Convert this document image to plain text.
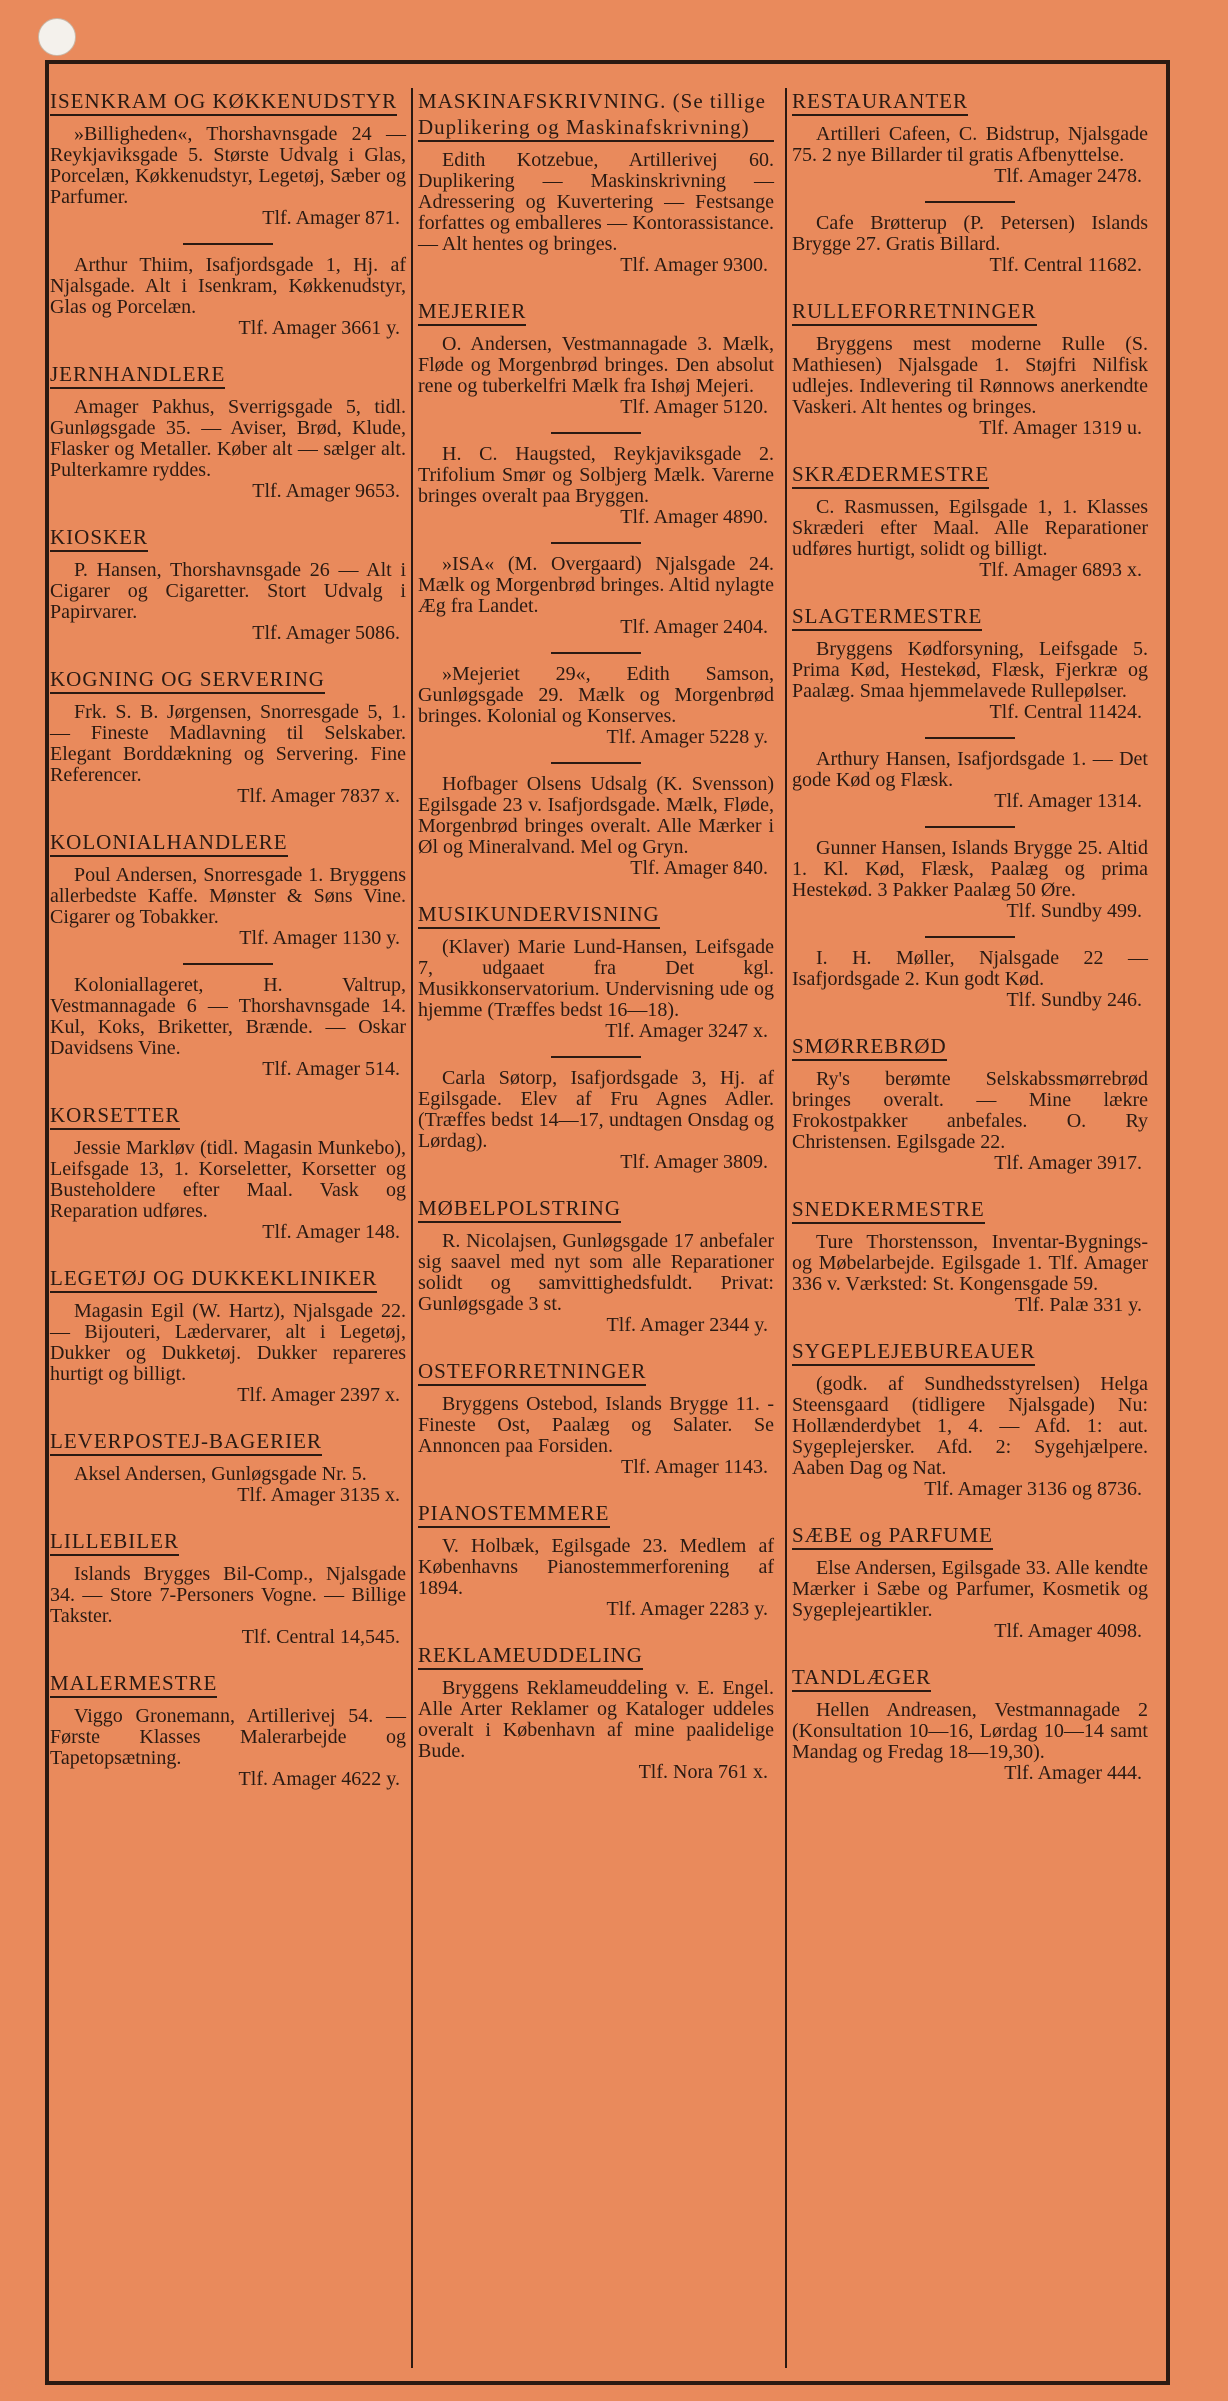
ISENKRAM OG KØKKENUDSTYR
»Billigheden«, Thorshavnsgade 24 — Reykjaviksgade 5. Største Udvalg i Glas, Porcelæn, Køkkenudstyr, Legetøj, Sæber og Parfumer.
Tlf. Amager 871.
Arthur Thiim, Isafjordsgade 1, Hj. af Njalsgade. Alt i Isenkram, Køkkenudstyr, Glas og Porcelæn.
Tlf. Amager 3661 y.
JERNHANDLERE
Amager Pakhus, Sverrigsgade 5, tidl. Gunløgsgade 35. — Aviser, Brød, Klude, Flasker og Metaller. Køber alt — sælger alt. Pulterkamre ryddes.
Tlf. Amager 9653.
KIOSKER
P. Hansen, Thorshavnsgade 26 — Alt i Cigarer og Cigaretter. Stort Udvalg i Papirvarer.
Tlf. Amager 5086.
KOGNING OG SERVERING
Frk. S. B. Jørgensen, Snorresgade 5, 1. — Fineste Madlavning til Selskaber. Elegant Borddækning og Servering. Fine Referencer.
Tlf. Amager 7837 x.
KOLONIALHANDLERE
Poul Andersen, Snorresgade 1. Bryggens allerbedste Kaffe. Mønster & Søns Vine. Cigarer og Tobakker.
Tlf. Amager 1130 y.
Koloniallageret, H. Valtrup, Vestmannagade 6 — Thorshavnsgade 14. Kul, Koks, Briketter, Brænde. — Oskar Davidsens Vine.
Tlf. Amager 514.
KORSETTER
Jessie Markløv (tidl. Magasin Munkebo), Leifsgade 13, 1. Korseletter, Korsetter og Busteholdere efter Maal. Vask og Reparation udføres.
Tlf. Amager 148.
LEGETØJ OG DUKKEKLINIKER
Magasin Egil (W. Hartz), Njalsgade 22. — Bijouteri, Lædervarer, alt i Legetøj, Dukker og Dukketøj. Dukker repareres hurtigt og billigt.
Tlf. Amager 2397 x.
LEVERPOSTEJ-BAGERIER
Aksel Andersen, Gunløgsgade Nr. 5.
Tlf. Amager 3135 x.
LILLEBILER
Islands Brygges Bil-Comp., Njalsgade 34. — Store 7-Personers Vogne. — Billige Takster.
Tlf. Central 14,545.
MALERMESTRE
Viggo Gronemann, Artillerivej 54. — Første Klasses Malerarbejde og Tapetopsætning.
Tlf. Amager 4622 y.
MASKINAFSKRIVNING. (Se tillige Duplikering og Maskinafskrivning)
Edith Kotzebue, Artillerivej 60. Duplikering — Maskinskrivning — Adressering og Kuvertering — Festsange forfattes og emballeres — Kontorassistance. — Alt hentes og bringes.
Tlf. Amager 9300.
MEJERIER
O. Andersen, Vestmannagade 3. Mælk, Fløde og Morgenbrød bringes. Den absolut rene og tuberkelfri Mælk fra Ishøj Mejeri.
Tlf. Amager 5120.
H. C. Haugsted, Reykjaviksgade 2. Trifolium Smør og Solbjerg Mælk. Varerne bringes overalt paa Bryggen.
Tlf. Amager 4890.
»ISA« (M. Overgaard) Njalsgade 24. Mælk og Morgenbrød bringes. Altid nylagte Æg fra Landet.
Tlf. Amager 2404.
»Mejeriet 29«, Edith Samson, Gunløgsgade 29. Mælk og Morgenbrød bringes. Kolonial og Konserves.
Tlf. Amager 5228 y.
Hofbager Olsens Udsalg (K. Svensson) Egilsgade 23 v. Isafjordsgade. Mælk, Fløde, Morgenbrød bringes overalt. Alle Mærker i Øl og Mineralvand. Mel og Gryn.
Tlf. Amager 840.
MUSIKUNDERVISNING
(Klaver) Marie Lund-Hansen, Leifsgade 7, udgaaet fra Det kgl. Musikkonservatorium. Undervisning ude og hjemme (Træffes bedst 16—18).
Tlf. Amager 3247 x.
Carla Søtorp, Isafjordsgade 3, Hj. af Egilsgade. Elev af Fru Agnes Adler. (Træffes bedst 14—17, undtagen Onsdag og Lørdag).
Tlf. Amager 3809.
MØBELPOLSTRING
R. Nicolajsen, Gunløgsgade 17 anbefaler sig saavel med nyt som alle Reparationer solidt og samvittighedsfuldt. Privat: Gunløgsgade 3 st.
Tlf. Amager 2344 y.
OSTEFORRETNINGER
Bryggens Ostebod, Islands Brygge 11. - Fineste Ost, Paalæg og Salater. Se Annoncen paa Forsiden.
Tlf. Amager 1143.
PIANOSTEMMERE
V. Holbæk, Egilsgade 23. Medlem af Københavns Pianostemmerforening af 1894.
Tlf. Amager 2283 y.
REKLAMEUDDELING
Bryggens Reklameuddeling v. E. Engel. Alle Arter Reklamer og Kataloger uddeles overalt i København af mine paalidelige Bude.
Tlf. Nora 761 x.
RESTAURANTER
Artilleri Cafeen, C. Bidstrup, Njalsgade 75. 2 nye Billarder til gratis Afbenyttelse.
Tlf. Amager 2478.
Cafe Brøtterup (P. Petersen) Islands Brygge 27. Gratis Billard.
Tlf. Central 11682.
RULLEFORRETNINGER
Bryggens mest moderne Rulle (S. Mathiesen) Njalsgade 1. Støjfri Nilfisk udlejes. Indlevering til Rønnows anerkendte Vaskeri. Alt hentes og bringes.
Tlf. Amager 1319 u.
SKRÆDERMESTRE
C. Rasmussen, Egilsgade 1, 1. Klasses Skræderi efter Maal. Alle Reparationer udføres hurtigt, solidt og billigt.
Tlf. Amager 6893 x.
SLAGTERMESTRE
Bryggens Kødforsyning, Leifsgade 5. Prima Kød, Hestekød, Flæsk, Fjerkræ og Paalæg. Smaa hjemmelavede Rullepølser.
Tlf. Central 11424.
Arthury Hansen, Isafjordsgade 1. — Det gode Kød og Flæsk.
Tlf. Amager 1314.
Gunner Hansen, Islands Brygge 25. Altid 1. Kl. Kød, Flæsk, Paalæg og prima Hestekød. 3 Pakker Paalæg 50 Øre.
Tlf. Sundby 499.
I. H. Møller, Njalsgade 22 — Isafjordsgade 2. Kun godt Kød.
Tlf. Sundby 246.
SMØRREBRØD
Ry's berømte Selskabssmørrebrød bringes overalt. — Mine lækre Frokostpakker anbefales. O. Ry Christensen. Egilsgade 22.
Tlf. Amager 3917.
SNEDKERMESTRE
Ture Thorstensson, Inventar-Bygnings- og Møbelarbejde. Egilsgade 1. Tlf. Amager 336 v. Værksted: St. Kongensgade 59.
Tlf. Palæ 331 y.
SYGEPLEJEBUREAUER
(godk. af Sundhedsstyrelsen) Helga Steensgaard (tidligere Njalsgade) Nu: Hollænderdybet 1, 4. — Afd. 1: aut. Sygeplejersker. Afd. 2: Sygehjælpere. Aaben Dag og Nat.
Tlf. Amager 3136 og 8736.
SÆBE og PARFUME
Else Andersen, Egilsgade 33. Alle kendte Mærker i Sæbe og Parfumer, Kosmetik og Sygeplejeartikler.
Tlf. Amager 4098.
TANDLÆGER
Hellen Andreasen, Vestmannagade 2 (Konsultation 10—16, Lørdag 10—14 samt Mandag og Fredag 18—19,30).
Tlf. Amager 444.
